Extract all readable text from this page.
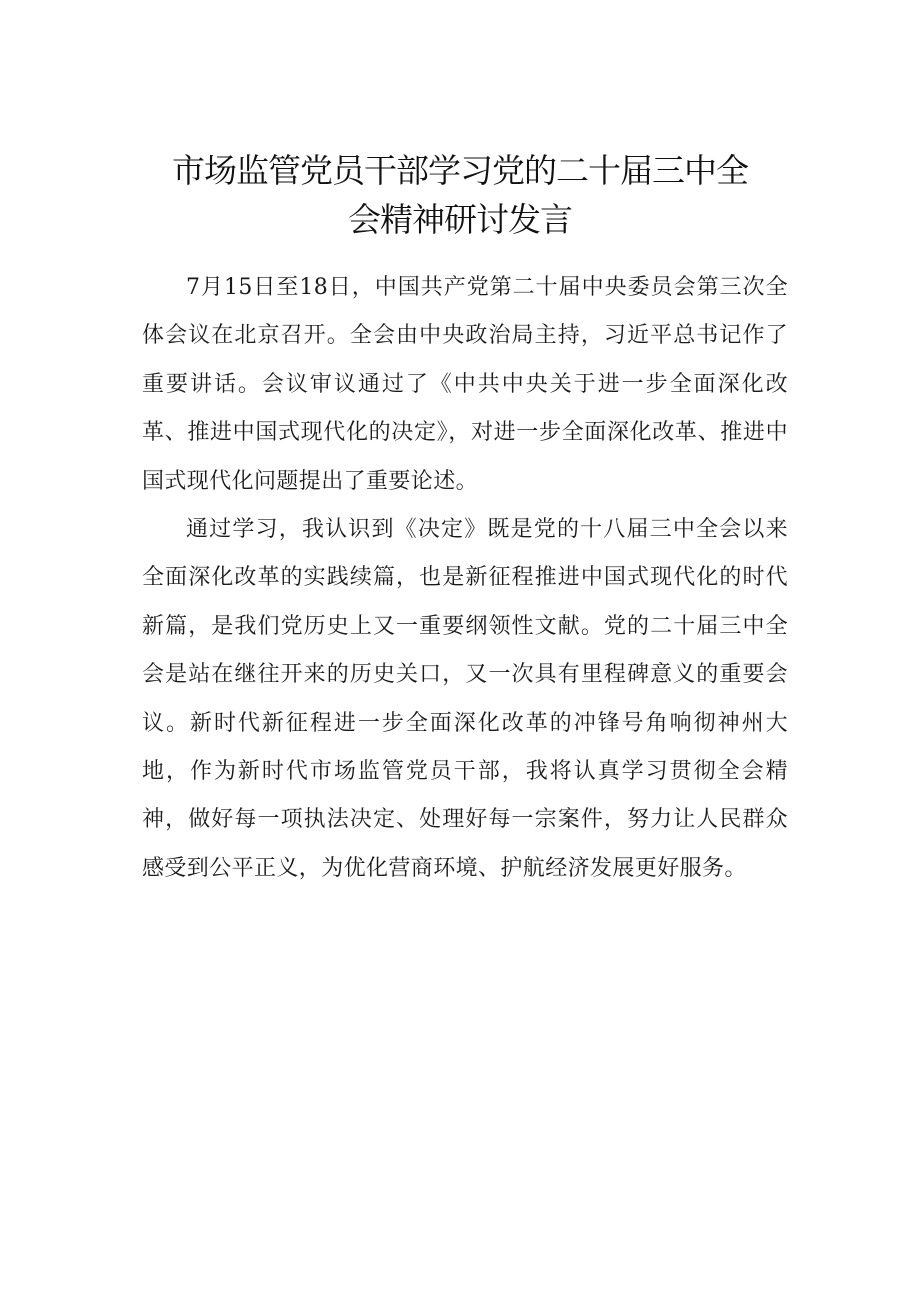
市场监管党员干部学习党的二十届三中全
会精神研讨发言

7月15日至18日，中国共产党第二十届中央委员会第三次全体会议在北京召开。全会由中央政治局主持，习近平总书记作了重要讲话。会议审议通过了《中共中央关于进一步全面深化改革、推进中国式现代化的决定》，对进一步全面深化改革、推进中国式现代化问题提出了重要论述。

通过学习，我认识到《决定》既是党的十八届三中全会以来全面深化改革的实践续篇，也是新征程推进中国式现代化的时代新篇，是我们党历史上又一重要纲领性文献。党的二十届三中全会是站在继往开来的历史关口，又一次具有里程碑意义的重要会议。新时代新征程进一步全面深化改革的冲锋号角响彻神州大地，作为新时代市场监管党员干部，我将认真学习贯彻全会精神，做好每一项执法决定、处理好每一宗案件，努力让人民群众感受到公平正义，为优化营商环境、护航经济发展更好服务。
